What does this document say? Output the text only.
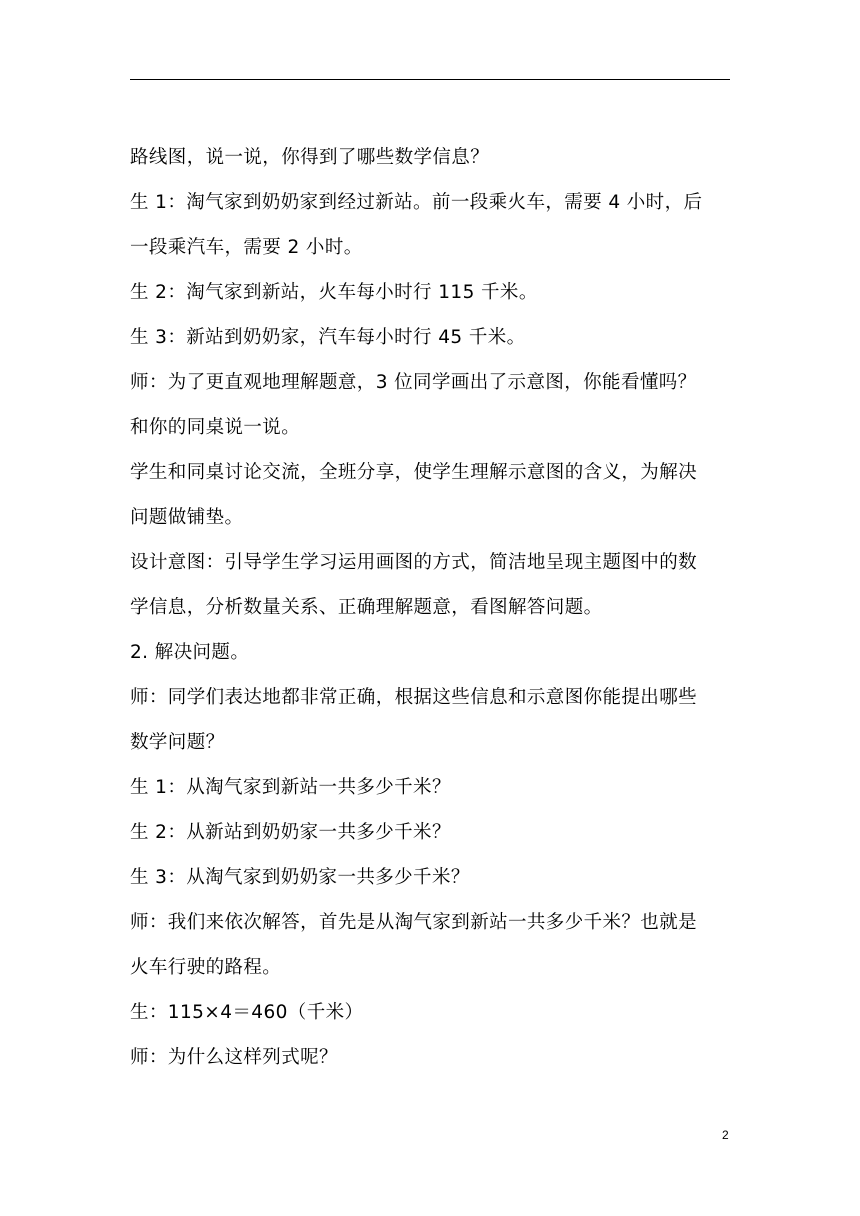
路线图，说一说，你得到了哪些数学信息？
生 1：淘气家到奶奶家到经过新站。前一段乘火车，需要 4 小时，后
一段乘汽车，需要 2 小时。
生 2：淘气家到新站，火车每小时行 115 千米。
生 3：新站到奶奶家，汽车每小时行 45 千米。
师：为了更直观地理解题意，3 位同学画出了示意图，你能看懂吗？
和你的同桌说一说。
学生和同桌讨论交流，全班分享，使学生理解示意图的含义，为解决
问题做铺垫。
设计意图：引导学生学习运用画图的方式，简洁地呈现主题图中的数
学信息，分析数量关系、正确理解题意，看图解答问题。
2. 解决问题。
师：同学们表达地都非常正确，根据这些信息和示意图你能提出哪些
数学问题？
生 1：从淘气家到新站一共多少千米？
生 2：从新站到奶奶家一共多少千米？
生 3：从淘气家到奶奶家一共多少千米？
师：我们来依次解答，首先是从淘气家到新站一共多少千米？也就是
火车行驶的路程。
生：115×4＝460（千米）
师：为什么这样列式呢？
2
